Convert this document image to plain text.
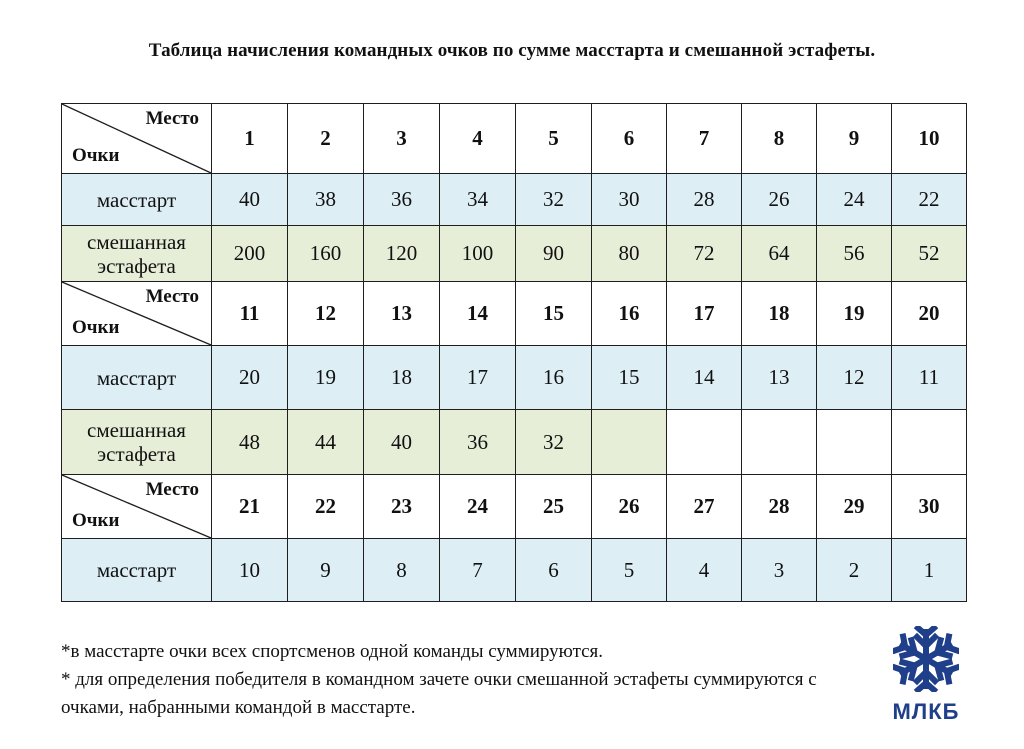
Таблица начисления командных очков по сумме масстарта и смешанной эстафеты.
Место
Очки	1	2	3	4	5	6	7	8	9	10
масстарт	40	38	36	34	32	30	28	26	24	22
смешанная эстафета	200	160	120	100	90	80	72	64	56	52

Место
Очки	11	12	13	14	15	16	17	18	19	20
масстарт	20	19	18	17	16	15	14	13	12	11
смешанная эстафета	48	44	40	36	32					

Место
Очки	21	22	23	24	25	26	27	28	29	30
масстарт	10	9	8	7	6	5	4	3	2	1

*в масстарте очки всех спортсменов одной команды суммируются.

* для определения победителя в командном зачете очки смешанной эстафеты суммируются с очками, набранными командой в масстарте.	МЛКБ
